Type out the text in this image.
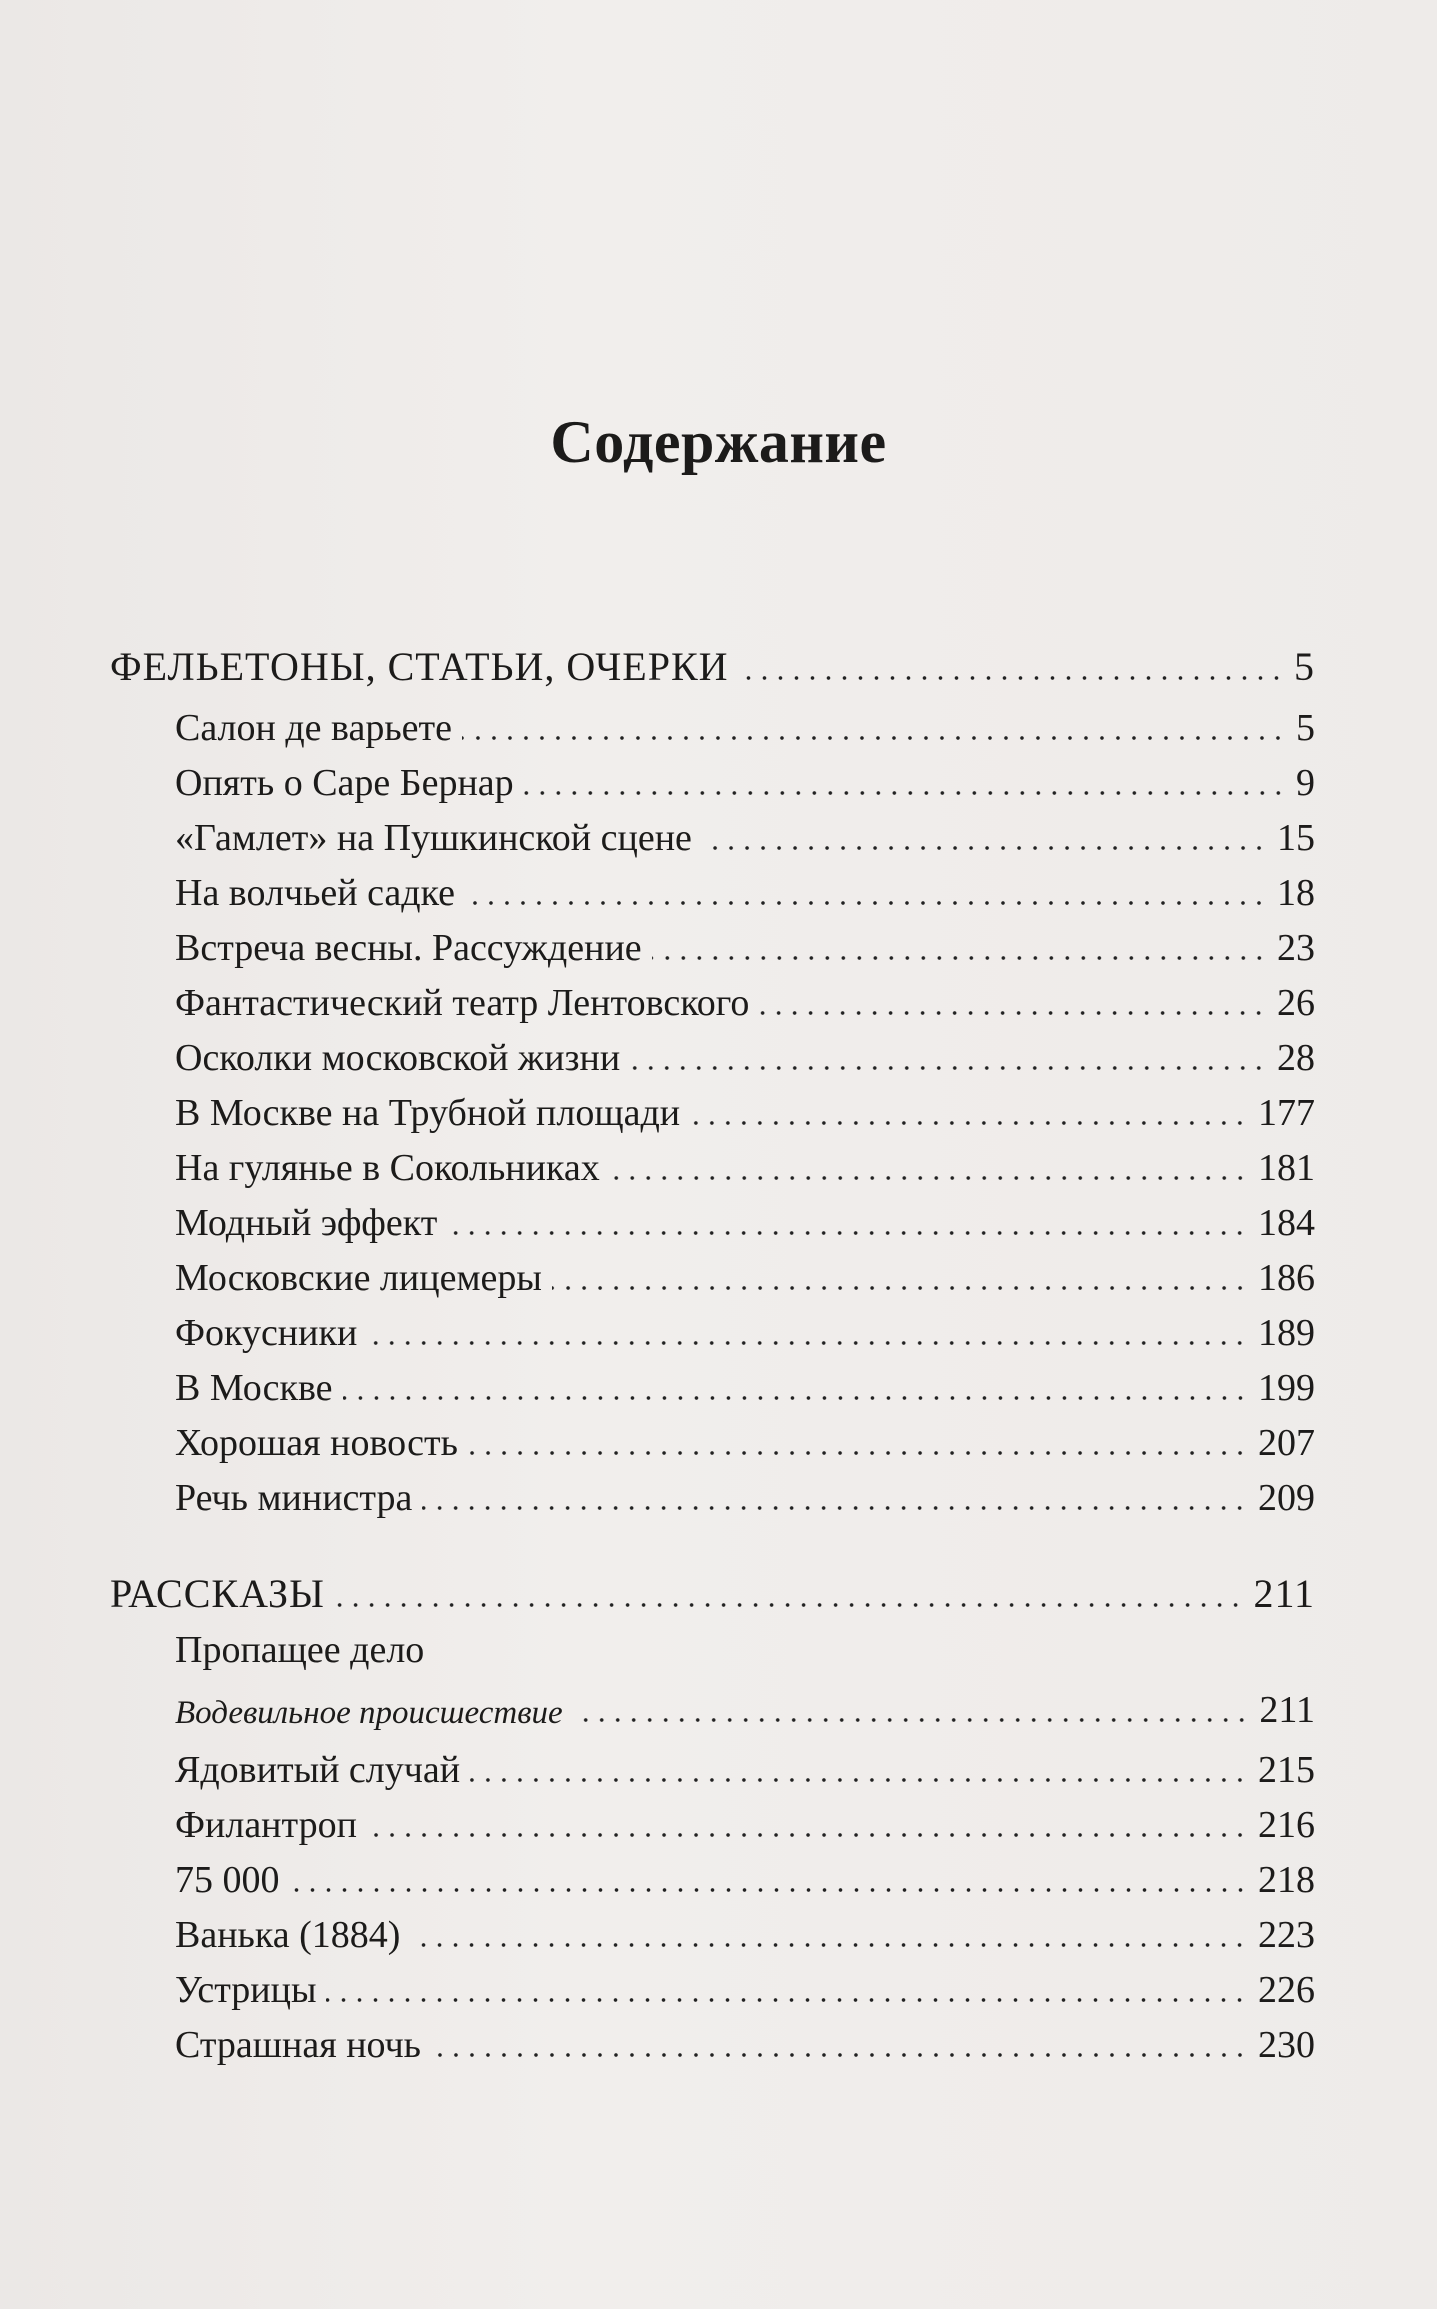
Содержание
ФЕЛЬЕТОНЫ, СТАТЬИ, ОЧЕРКИ	5
Салон де варьете	5
Опять о Саре Бернар	9
«Гамлет» на Пушкинской сцене	15
На волчьей садке	18
Встреча весны. Рассуждение	23
Фантастический театр Лентовского	26
Осколки московской жизни	28
В Москве на Трубной площади	177
На гулянье в Сокольниках	181
Модный эффект	184
Московские лицемеры	186
Фокусники	189
В Москве	199
Хорошая новость	207
Речь министра	209
РАССКАЗЫ	211
Пропащее дело
Водевильное происшествие	211
Ядовитый случай	215
Филантроп	216
75 000	218
Ванька (1884)	223
Устрицы	226
Страшная ночь	230
